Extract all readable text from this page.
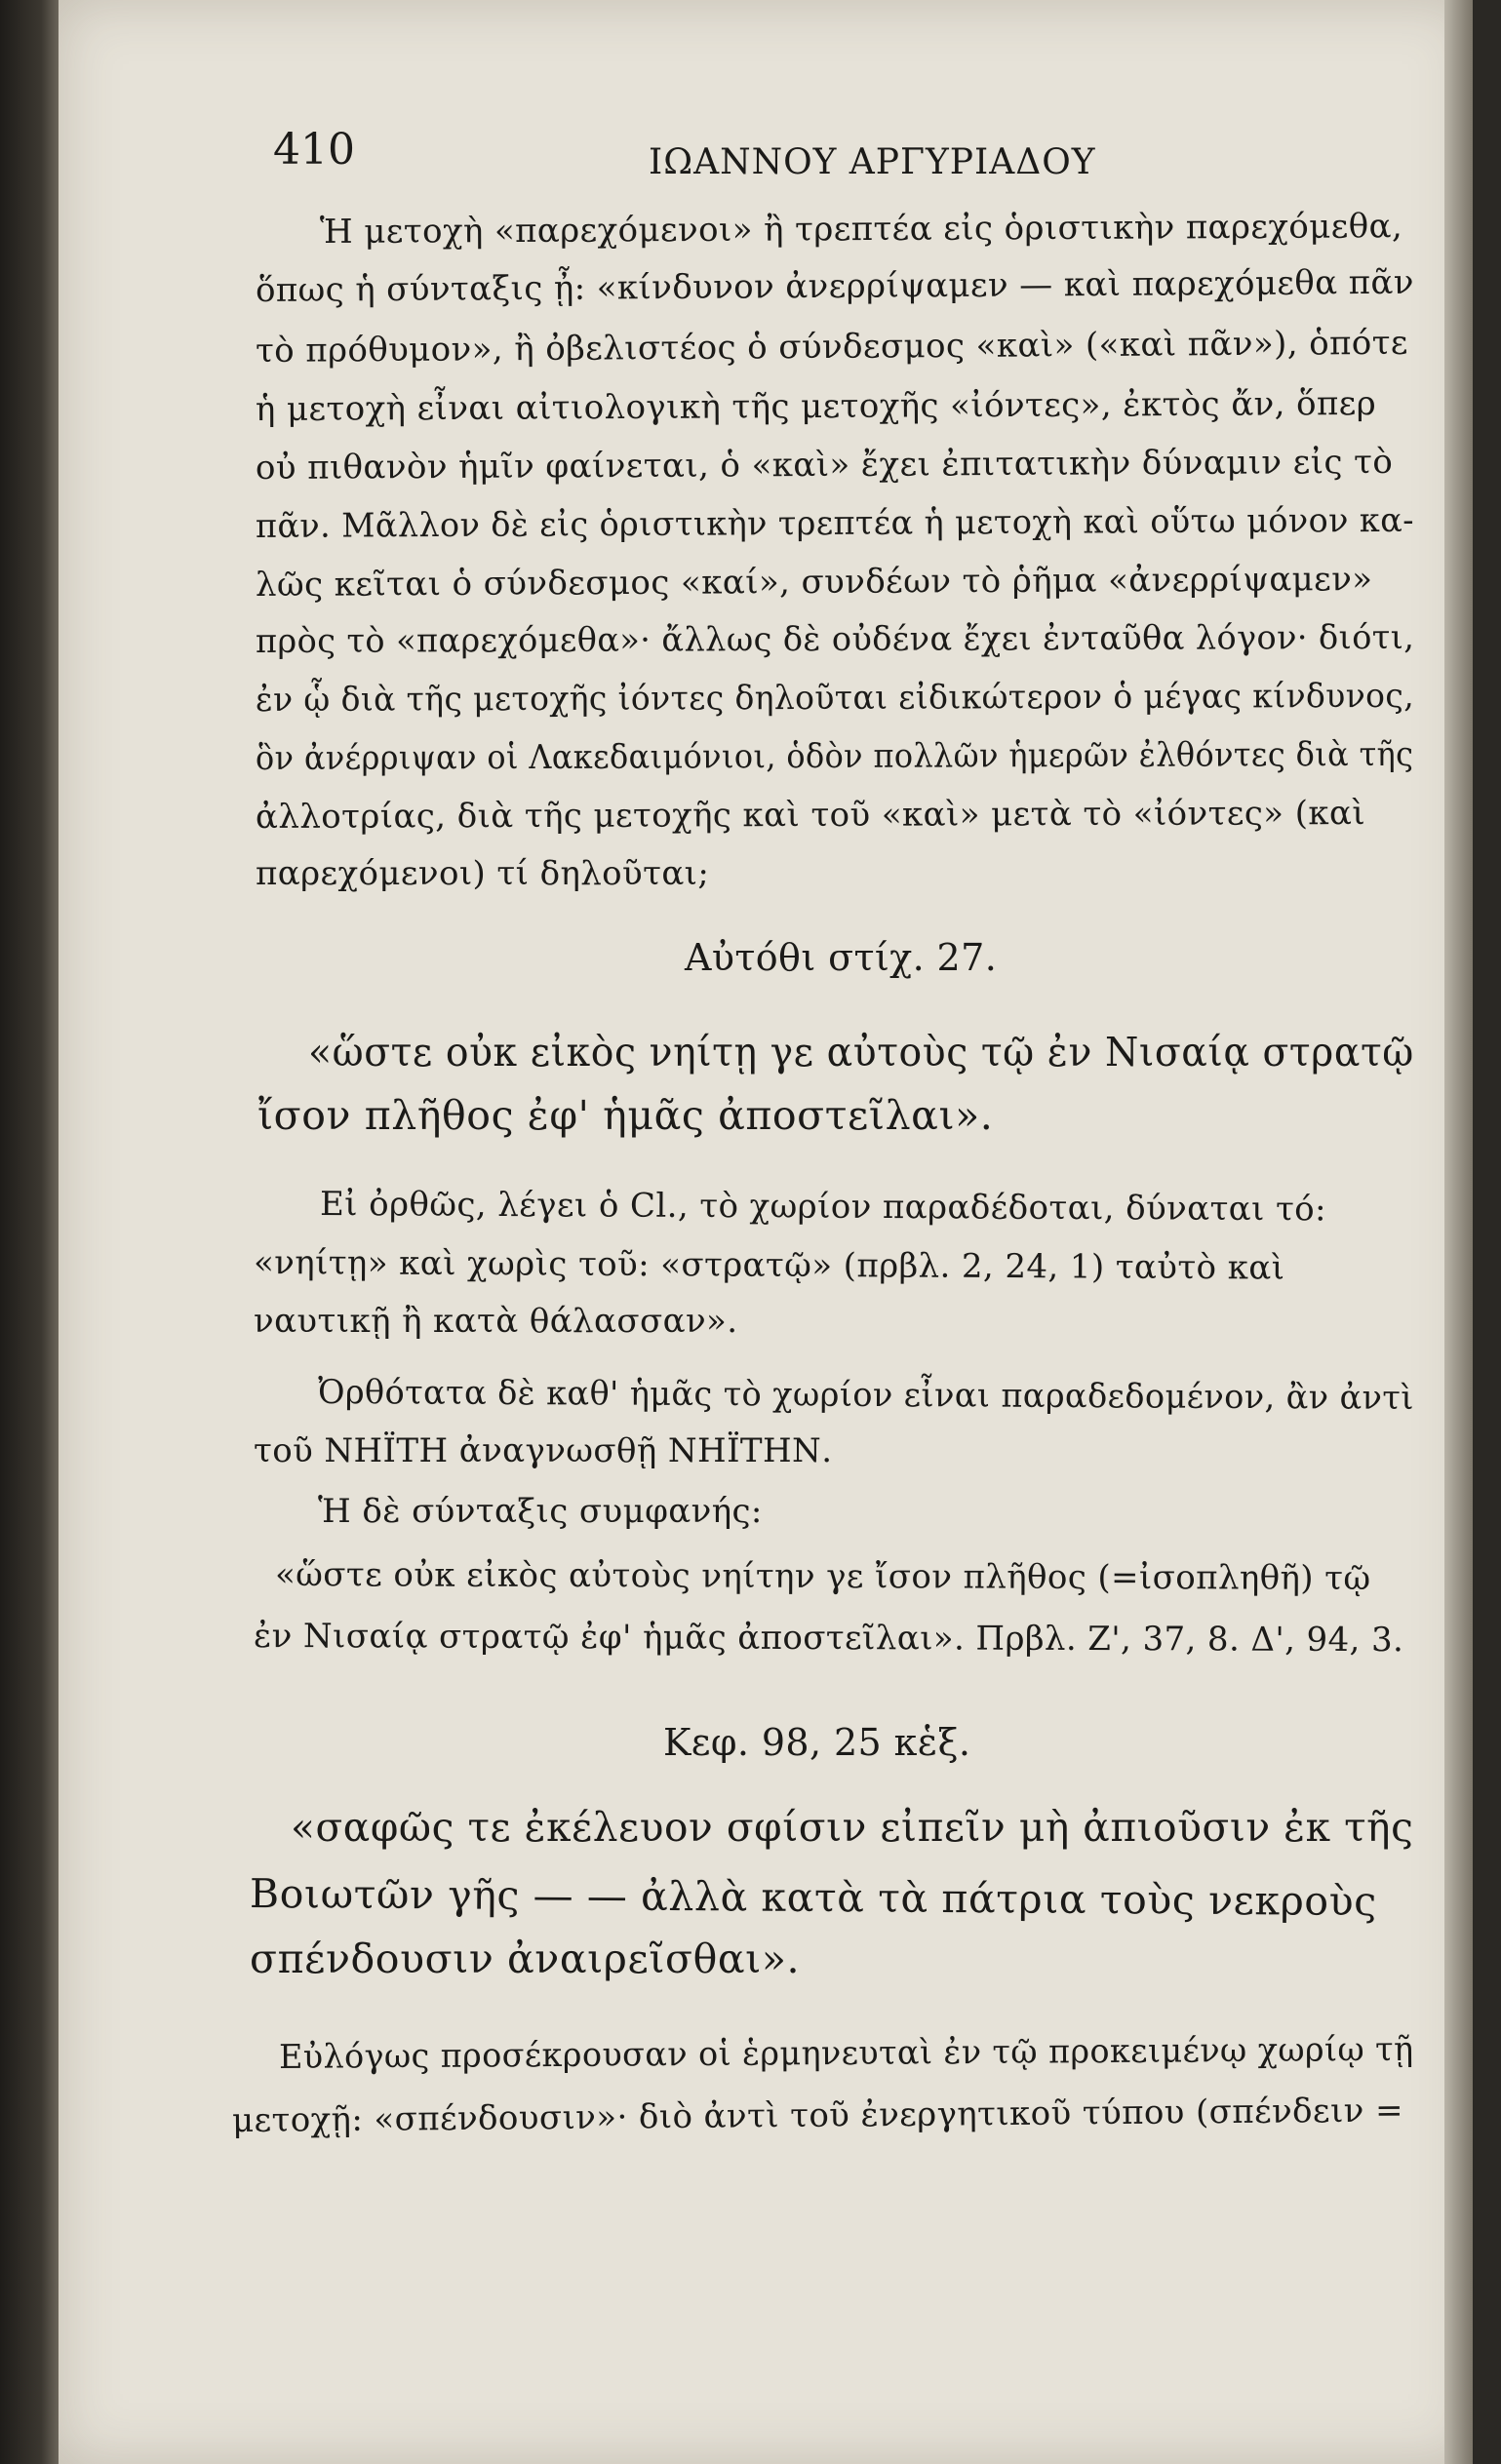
410	ΙΩΑΝΝΟΥ ΑΡΓΥΡΙΑΔΟΥ
Ἡ μετοχὴ «παρεχόμενοι» ἢ τρεπτέα εἰς ὁριστικὴν παρεχόμεθα,
ὅπως ἡ σύνταξις ᾖ: «κίνδυνον ἀνερρίψαμεν — καὶ παρεχόμεθα πᾶν
τὸ πρόθυμον», ἢ ὀβελιστέος ὁ σύνδεσμος «καὶ» («καὶ πᾶν»), ὁπότε
ἡ μετοχὴ εἶναι αἰτιολογικὴ τῆς μετοχῆς «ἰόντες», ἐκτὸς ἄν, ὅπερ
οὐ πιθανὸν ἡμῖν φαίνεται, ὁ «καὶ» ἔχει ἐπιτατικὴν δύναμιν εἰς τὸ
πᾶν. Μᾶλλον δὲ εἰς ὁριστικὴν τρεπτέα ἡ μετοχὴ καὶ οὕτω μόνον κα-
λῶς κεῖται ὁ σύνδεσμος «καί», συνδέων τὸ ῥῆμα «ἀνερρίψαμεν»
πρὸς τὸ «παρεχόμεθα»· ἄλλως δὲ οὐδένα ἔχει ἐνταῦθα λόγον· διότι,
ἐν ᾧ διὰ τῆς μετοχῆς ἰόντες δηλοῦται εἰδικώτερον ὁ μέγας κίνδυνος,
ὃν ἀνέρριψαν οἱ Λακεδαιμόνιοι, ὁδὸν πολλῶν ἡμερῶν ἐλθόντες διὰ τῆς
ἀλλοτρίας, διὰ τῆς μετοχῆς καὶ τοῦ «καὶ» μετὰ τὸ «ἰόντες» (καὶ
παρεχόμενοι) τί δηλοῦται;
Αὐτόθι στίχ. 27.
«ὥστε οὐκ εἰκὸς νηίτῃ γε αὐτοὺς τῷ ἐν Νισαίᾳ στρατῷ
ἴσον πλῆθος ἐφ' ἡμᾶς ἀποστεῖλαι».
Εἰ ὀρθῶς, λέγει ὁ Cl., τὸ χωρίον παραδέδοται, δύναται τό:
«νηίτῃ» καὶ χωρὶς τοῦ: «στρατῷ» (πρβλ. 2, 24, 1) ταὐτὸ καὶ
ναυτικῇ ἢ κατὰ θάλασσαν».
Ὀρθότατα δὲ καθ' ἡμᾶς τὸ χωρίον εἶναι παραδεδομένον, ἂν ἀντὶ
τοῦ ΝΗΪΤΗ ἀναγνωσθῇ ΝΗΪΤΗΝ.
Ἡ δὲ σύνταξις συμφανής:
«ὥστε οὐκ εἰκὸς αὐτοὺς νηίτην γε ἴσον πλῆθος (=ἰσοπληθῆ) τῷ
ἐν Νισαίᾳ στρατῷ ἐφ' ἡμᾶς ἀποστεῖλαι». Πρβλ. Ζ', 37, 8. Δ', 94, 3.
Κεφ. 98, 25 κἑξ.
«σαφῶς τε ἐκέλευον σφίσιν εἰπεῖν μὴ ἀπιοῦσιν ἐκ τῆς
Βοιωτῶν γῆς — — ἀλλὰ κατὰ τὰ πάτρια τοὺς νεκροὺς
σπένδουσιν ἀναιρεῖσθαι».
Εὐλόγως προσέκρουσαν οἱ ἑρμηνευταὶ ἐν τῷ προκειμένῳ χωρίῳ τῇ
μετοχῇ: «σπένδουσιν»· διὸ ἀντὶ τοῦ ἐνεργητικοῦ τύπου (σπένδειν =
